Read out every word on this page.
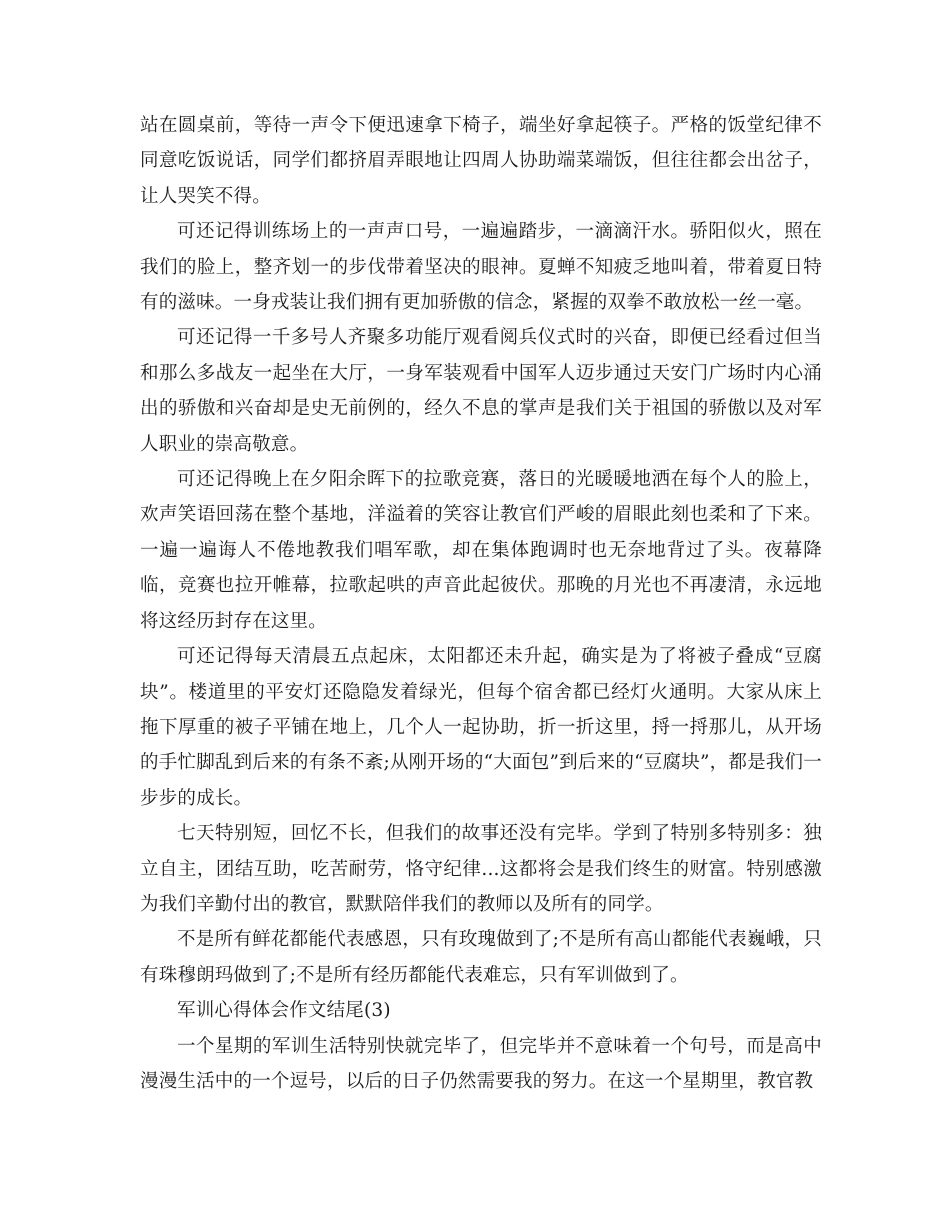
站在圆桌前，等待一声令下便迅速拿下椅子，端坐好拿起筷子。严格的饭堂纪律不同意吃饭说话，同学们都挤眉弄眼地让四周人协助端菜端饭，但往往都会出岔子，让人哭笑不得。

可还记得训练场上的一声声口号，一遍遍踏步，一滴滴汗水。骄阳似火，照在我们的脸上，整齐划一的步伐带着坚决的眼神。夏蝉不知疲乏地叫着，带着夏日特有的滋味。一身戎装让我们拥有更加骄傲的信念，紧握的双拳不敢放松一丝一毫。

可还记得一千多号人齐聚多功能厅观看阅兵仪式时的兴奋，即便已经看过但当和那么多战友一起坐在大厅，一身军装观看中国军人迈步通过天安门广场时内心涌出的骄傲和兴奋却是史无前例的，经久不息的掌声是我们关于祖国的骄傲以及对军人职业的崇高敬意。

可还记得晚上在夕阳余晖下的拉歌竞赛，落日的光暖暖地洒在每个人的脸上，欢声笑语回荡在整个基地，洋溢着的笑容让教官们严峻的眉眼此刻也柔和了下来。一遍一遍诲人不倦地教我们唱军歌，却在集体跑调时也无奈地背过了头。夜幕降临，竞赛也拉开帷幕，拉歌起哄的声音此起彼伏。那晚的月光也不再凄清，永远地将这经历封存在这里。

可还记得每天清晨五点起床，太阳都还未升起，确实是为了将被子叠成“豆腐块”。楼道里的平安灯还隐隐发着绿光，但每个宿舍都已经灯火通明。大家从床上拖下厚重的被子平铺在地上，几个人一起协助，折一折这里，捋一捋那儿，从开场的手忙脚乱到后来的有条不紊;从刚开场的“大面包”到后来的“豆腐块”，都是我们一步步的成长。

七天特别短，回忆不长，但我们的故事还没有完毕。学到了特别多特别多：独立自主，团结互助，吃苦耐劳，恪守纪律...这都将会是我们终生的财富。特别感激为我们辛勤付出的教官，默默陪伴我们的教师以及所有的同学。

不是所有鲜花都能代表感恩，只有玫瑰做到了;不是所有高山都能代表巍峨，只有珠穆朗玛做到了;不是所有经历都能代表难忘，只有军训做到了。

军训心得体会作文结尾(3)

一个星期的军训生活特别快就完毕了，但完毕并不意味着一个句号，而是高中漫漫生活中的一个逗号，以后的日子仍然需要我的努力。在这一个星期里，教官教
